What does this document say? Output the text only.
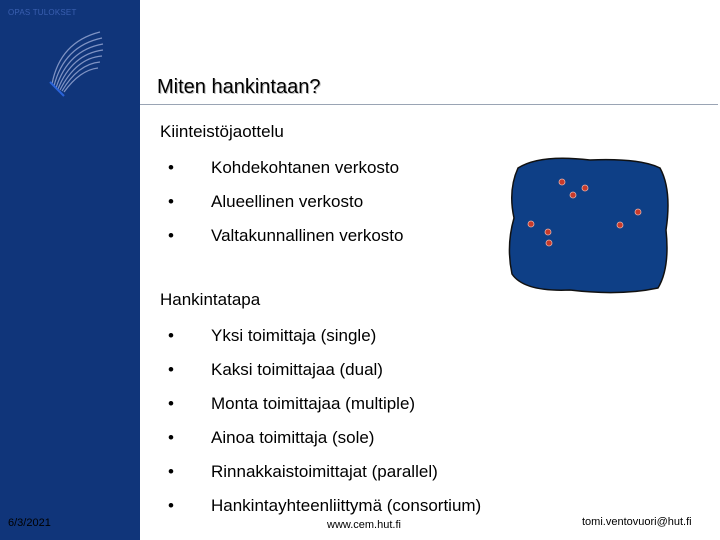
OPAS TULOKSET
6/3/2021
Miten hankintaan?
Kiinteistöjaottelu
• Kohdekohtanen verkosto
• Alueellinen verkosto
• Valtakunnallinen verkosto
Hankintatapa
• Yksi toimittaja (single)
• Kaksi toimittajaa (dual)
• Monta toimittajaa (multiple)
• Ainoa toimittaja (sole)
• Rinnakkaistoimittajat (parallel)
• Hankintayhteenliittymä (consortium)
www.cem.hut.fi	tomi.ventovuori@hut.fi
